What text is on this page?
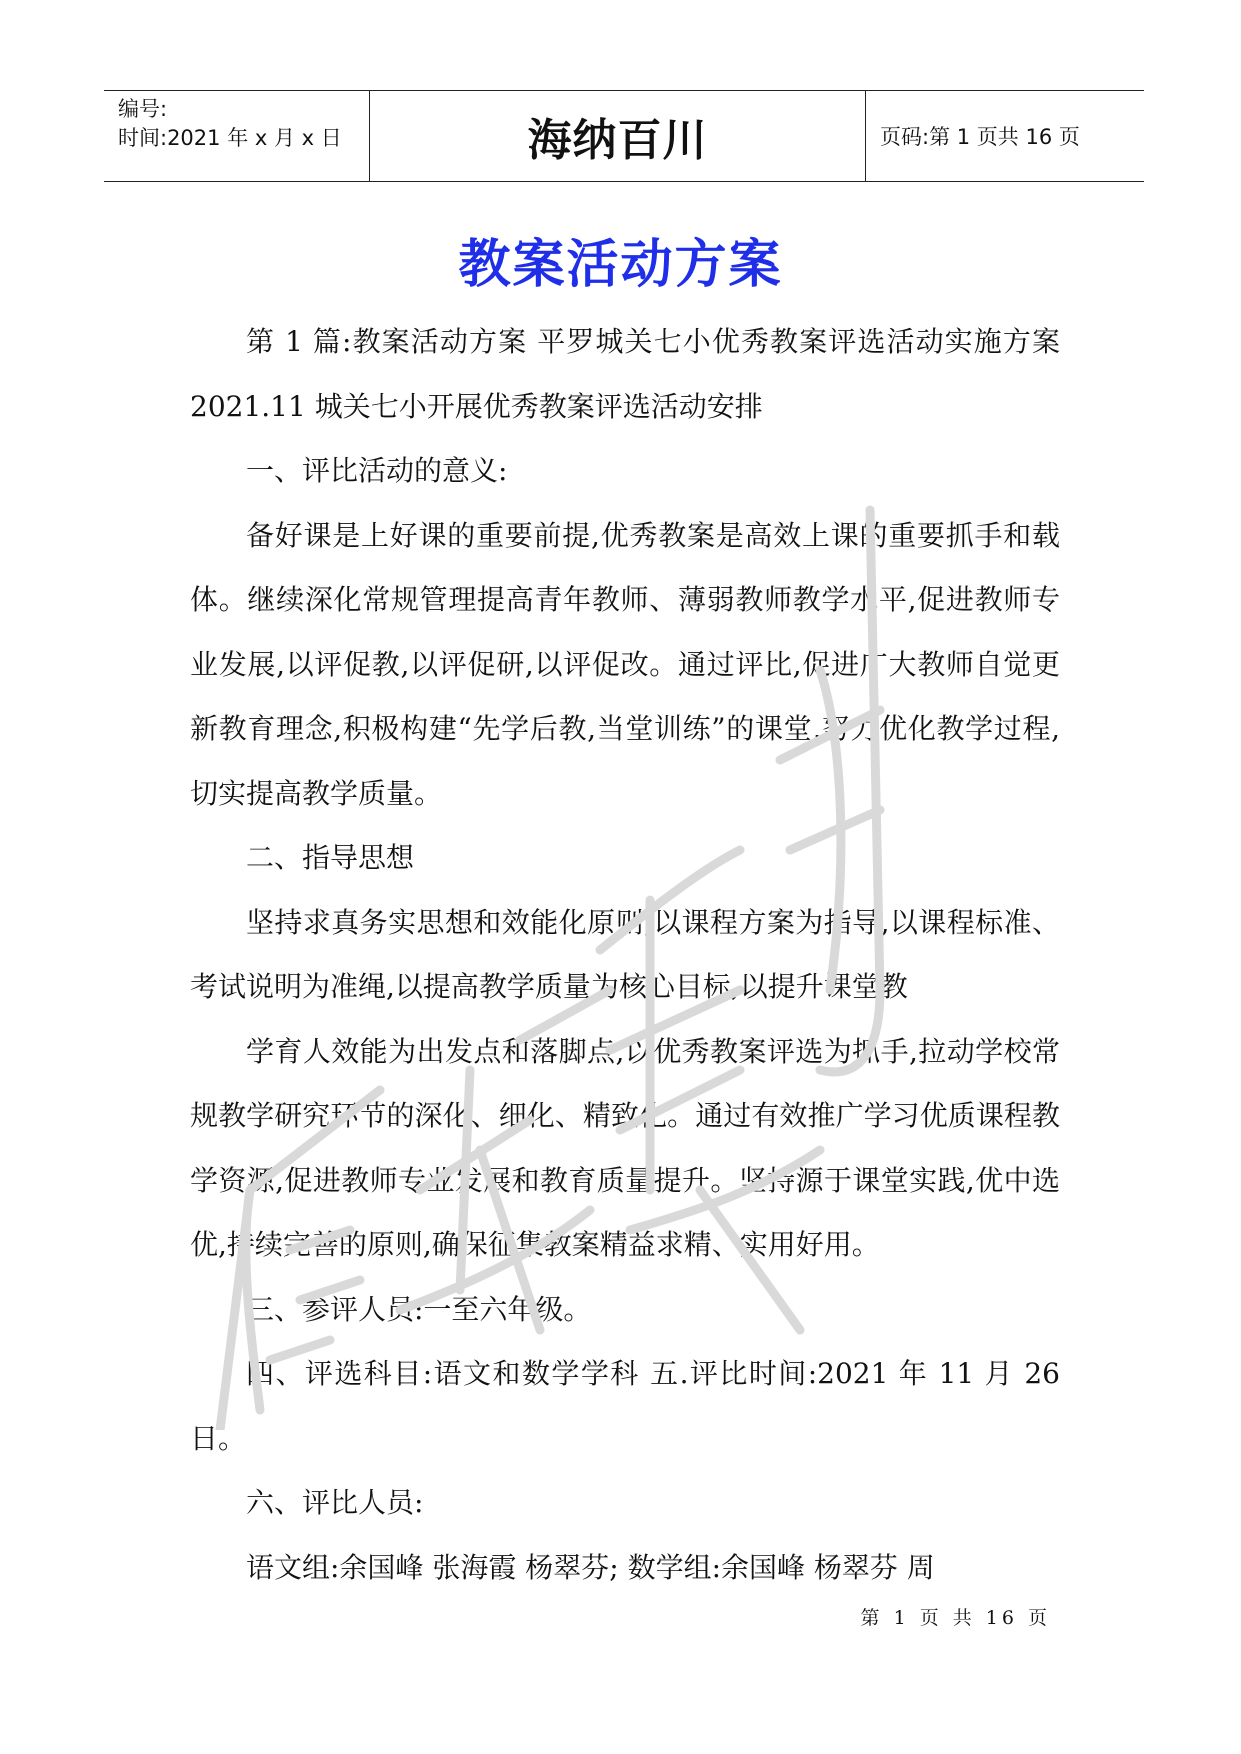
编号:
时间:2021 年 x 月 x 日	海纳百川	页码:第 1 页共 16 页
教案活动方案

第 1 篇:教案活动方案 平罗城关七小优秀教案评选活动实施方案 2021.11 城关七小开展优秀教案评选活动安排

一、评比活动的意义:

备好课是上好课的重要前提,优秀教案是高效上课的重要抓手和载体。继续深化常规管理提高青年教师、薄弱教师教学水平,促进教师专业发展,以评促教,以评促研,以评促改。通过评比,促进广大教师自觉更新教育理念,积极构建“先学后教,当堂训练”的课堂,努力优化教学过程,切实提高教学质量。

二、指导思想

坚持求真务实思想和效能化原则,以课程方案为指导,以课程标准、考试说明为准绳,以提高教学质量为核心目标,以提升课堂教

学育人效能为出发点和落脚点,以优秀教案评选为抓手,拉动学校常规教学研究环节的深化、细化、精致化。通过有效推广学习优质课程教学资源,促进教师专业发展和教育质量提升。坚持源于课堂实践,优中选优,持续完善的原则,确保征集教案精益求精、实用好用。

三、参评人员:一至六年级。

四、评选科目:语文和数学学科 五.评比时间:2021 年 11 月 26 日。

六、评比人员:

语文组:余国峰 张海霞 杨翠芬; 数学组:余国峰 杨翠芬 周

第 1 页 共 16 页
